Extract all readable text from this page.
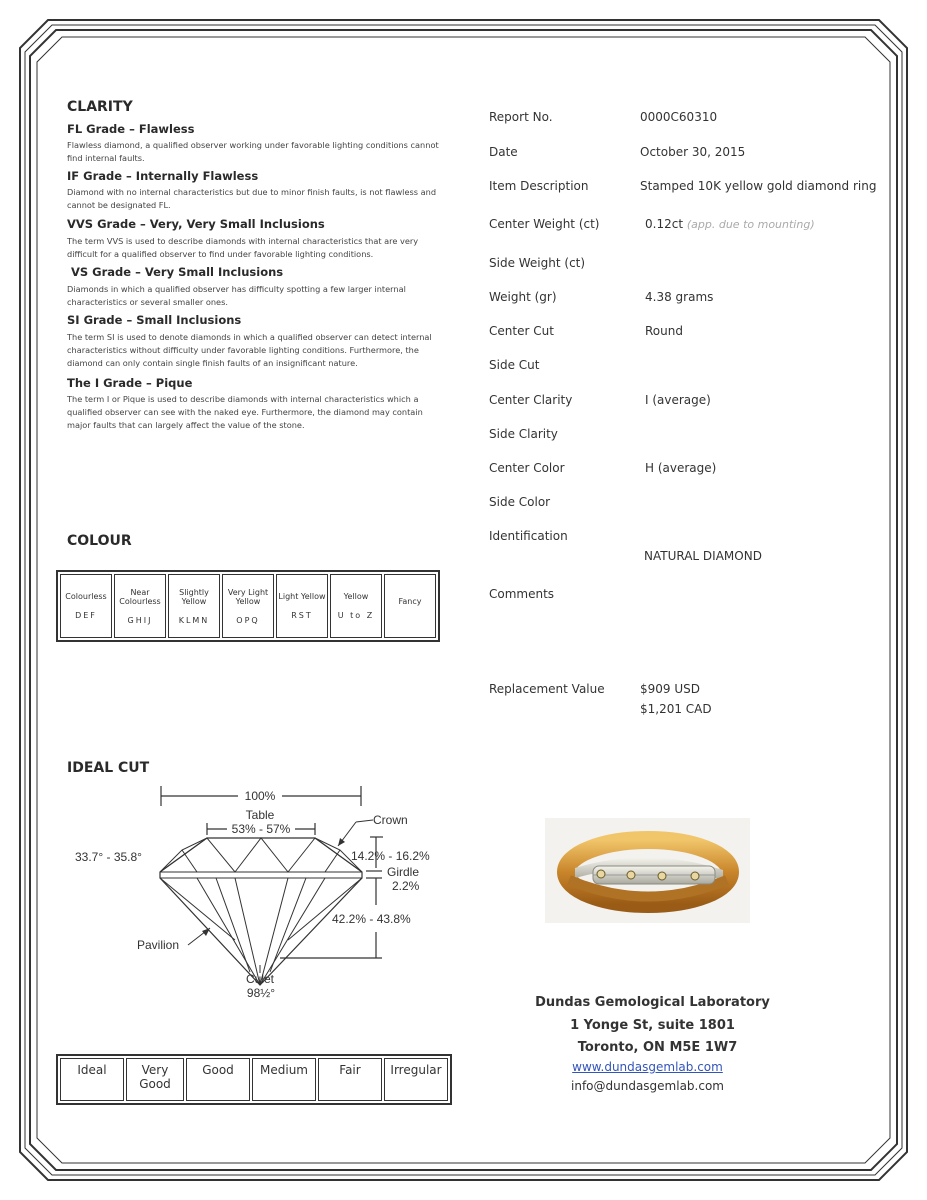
CLARITY
FL Grade – Flawless
Flawless diamond, a qualified observer working under favorable lighting conditions cannot find internal faults.
IF Grade – Internally Flawless
Diamond with no internal characteristics but due to minor finish faults, is not flawless and cannot be designated FL.
VVS Grade – Very, Very Small Inclusions
The term VVS is used to describe diamonds with internal characteristics that are very difficult for a qualified observer to find under favorable lighting conditions.
VS Grade – Very Small Inclusions
Diamonds in which a qualified observer has difficulty spotting a few larger internal characteristics or several smaller ones.
SI Grade – Small Inclusions
The term SI is used to denote diamonds in which a qualified observer can detect internal characteristics without difficulty under favorable lighting conditions. Furthermore, the diamond can only contain single finish faults of an insignificant nature.
The I Grade – Pique
The term I or Pique is used to describe diamonds with internal characteristics which a qualified observer can see with the naked eye. Furthermore, the diamond may contain major faults that can largely affect the value of the stone.
COLOUR
Colourless
DEF
	Near Colourless
GHIJ
	Slightly Yellow
KLMN
	Very Light Yellow
OPQ
	Light Yellow
RST
	Yellow
U to Z
	Fancy
IDEAL CUT
100%
Table
53% - 57%
Crown
33.7° - 35.8°	14.2% - 16.2%
Girdle
2.2%
42.2% - 43.8%
Pavilion
Culet
98½°
Ideal	Very Good	Good	Medium	Fair	Irregular
Report No.	0000C60310
Date	October 30, 2015
Item Description	Stamped 10K yellow gold diamond ring
Center Weight (ct)	0.12ct (app. due to mounting)
Side Weight (ct)
Weight (gr)	4.38 grams
Center Cut	Round
Side Cut
Center Clarity	I (average)
Side Clarity
Center Color	H (average)
Side Color
Identification
NATURAL DIAMOND
Comments
Replacement Value	$909 USD
$1,201 CAD
Dundas Gemological Laboratory
1 Yonge St, suite 1801
Toronto, ON M5E 1W7
www.dundasgemlab.com
info@dundasgemlab.com
